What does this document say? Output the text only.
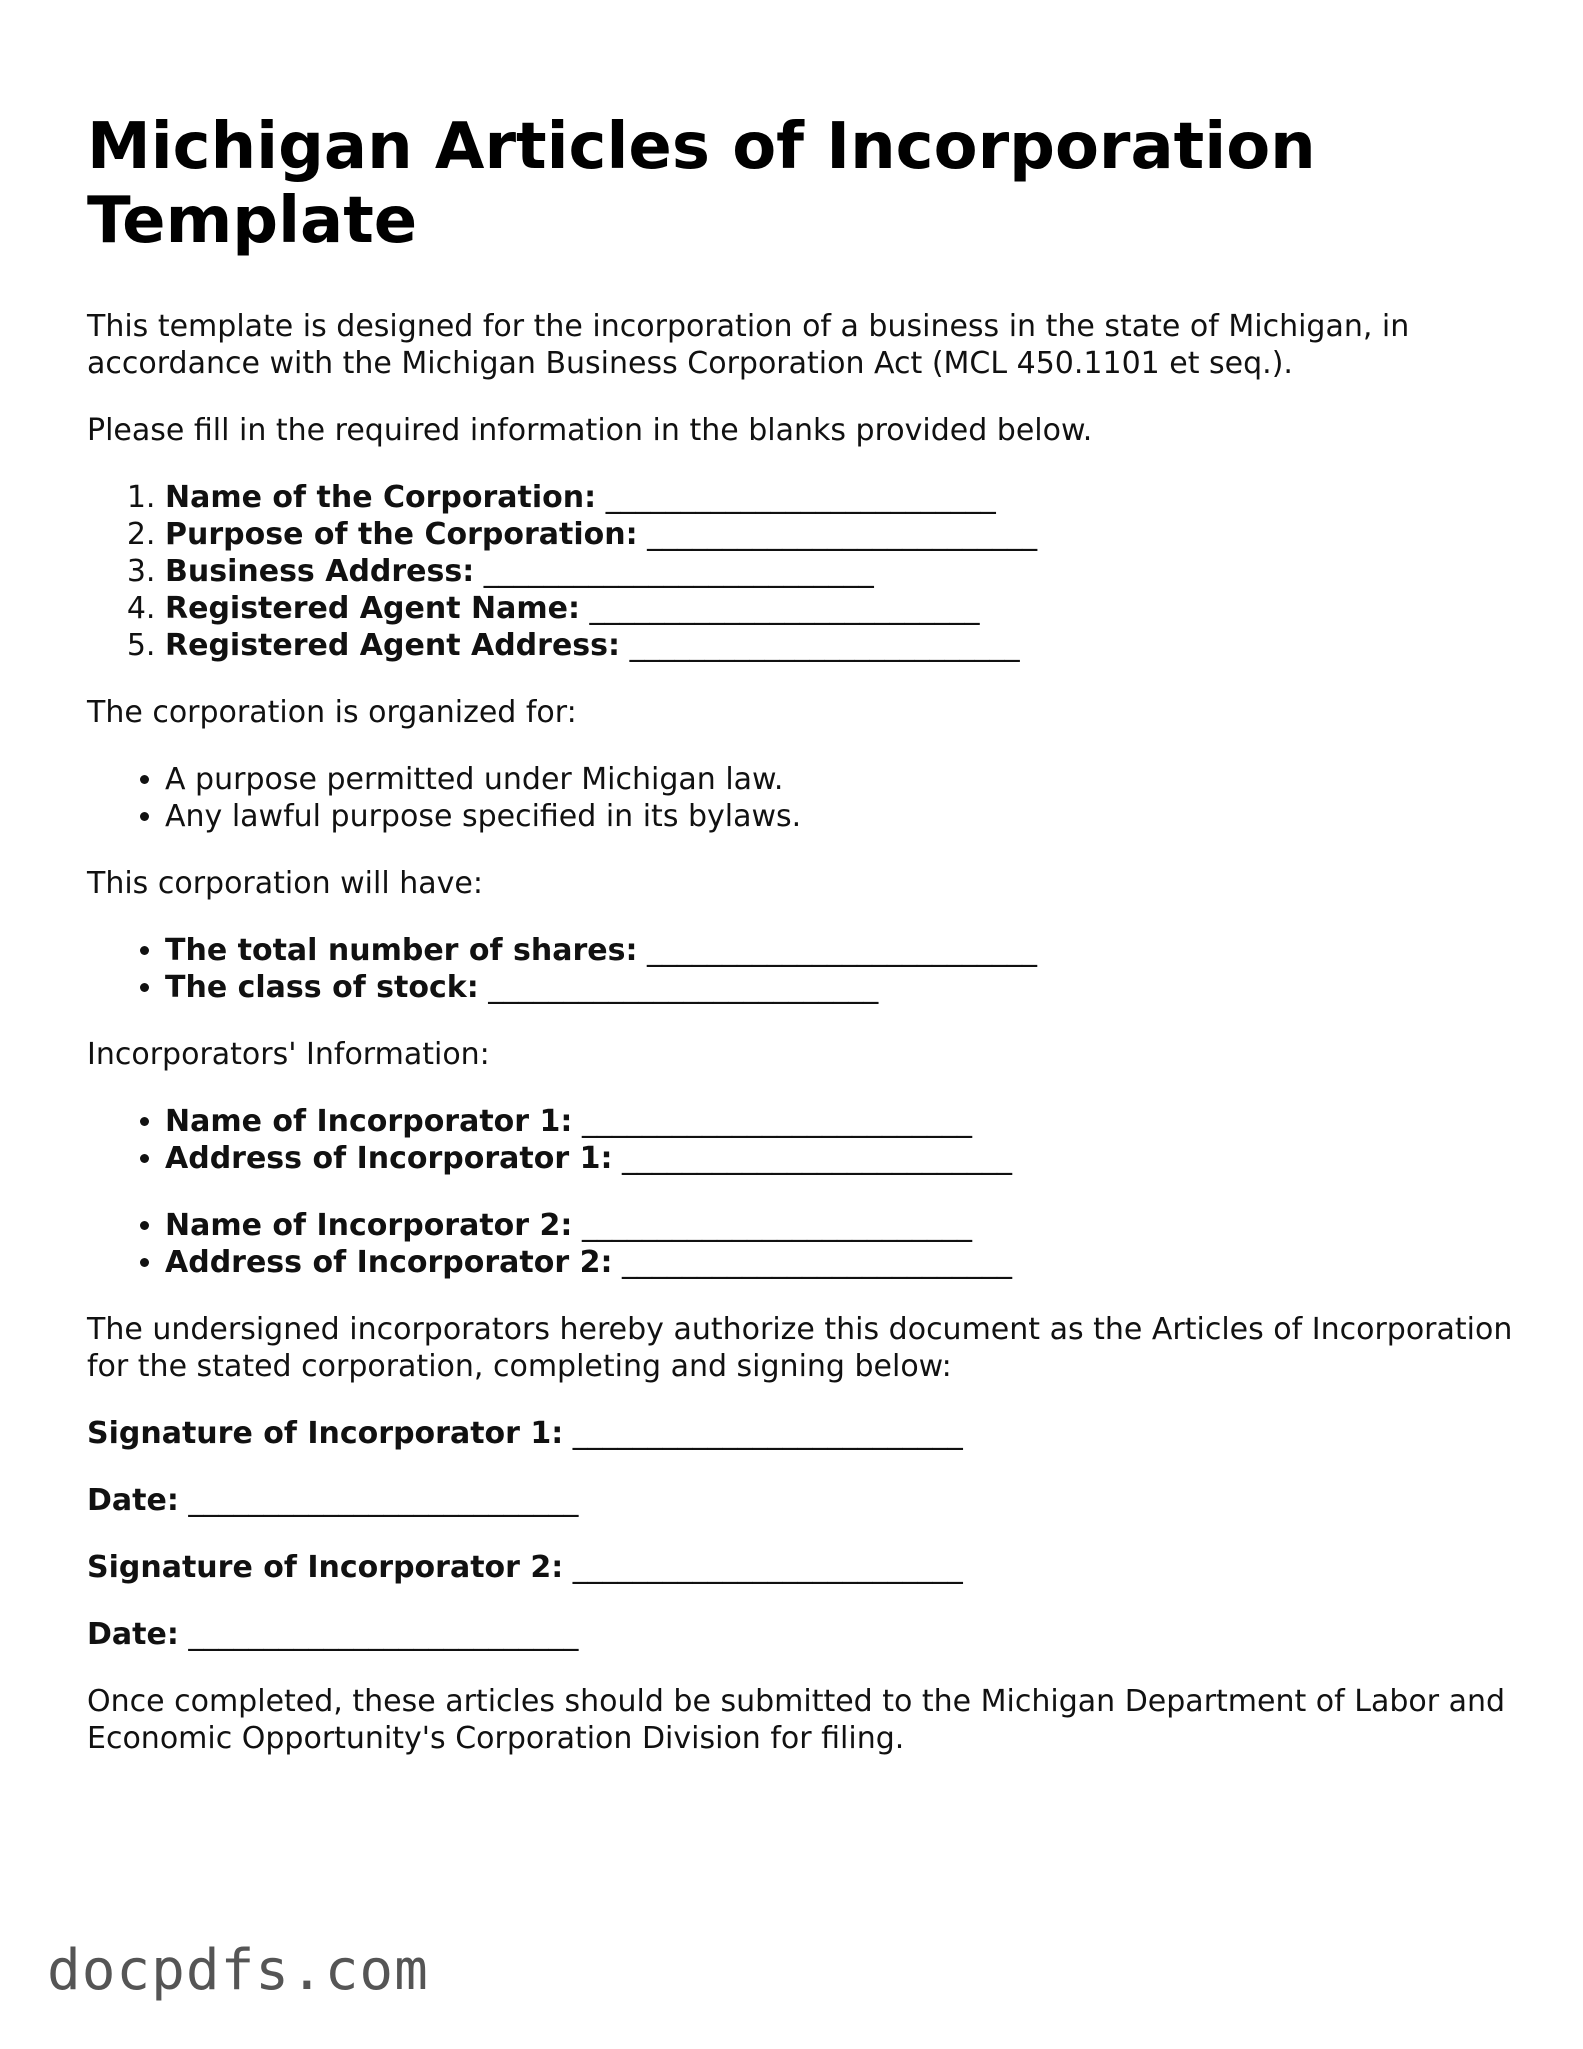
Michigan Articles of Incorporation Template

This template is designed for the incorporation of a business in the state of Michigan, in accordance with the Michigan Business Corporation Act (MCL 450.1101 et seq.).

Please fill in the required information in the blanks provided below.

1. Name of the Corporation: __________________________
2. Purpose of the Corporation: __________________________
3. Business Address: __________________________
4. Registered Agent Name: __________________________
5. Registered Agent Address: __________________________

The corporation is organized for:

• A purpose permitted under Michigan law.
• Any lawful purpose specified in its bylaws.

This corporation will have:

• The total number of shares: __________________________
• The class of stock: __________________________

Incorporators' Information:

• Name of Incorporator 1: __________________________
• Address of Incorporator 1: __________________________
• Name of Incorporator 2: __________________________
• Address of Incorporator 2: __________________________

The undersigned incorporators hereby authorize this document as the Articles of Incorporation for the stated corporation, completing and signing below:

Signature of Incorporator 1: __________________________
Date: __________________________
Signature of Incorporator 2: __________________________
Date: __________________________

Once completed, these articles should be submitted to the Michigan Department of Labor and Economic Opportunity's Corporation Division for filing.

docpdfs.com
